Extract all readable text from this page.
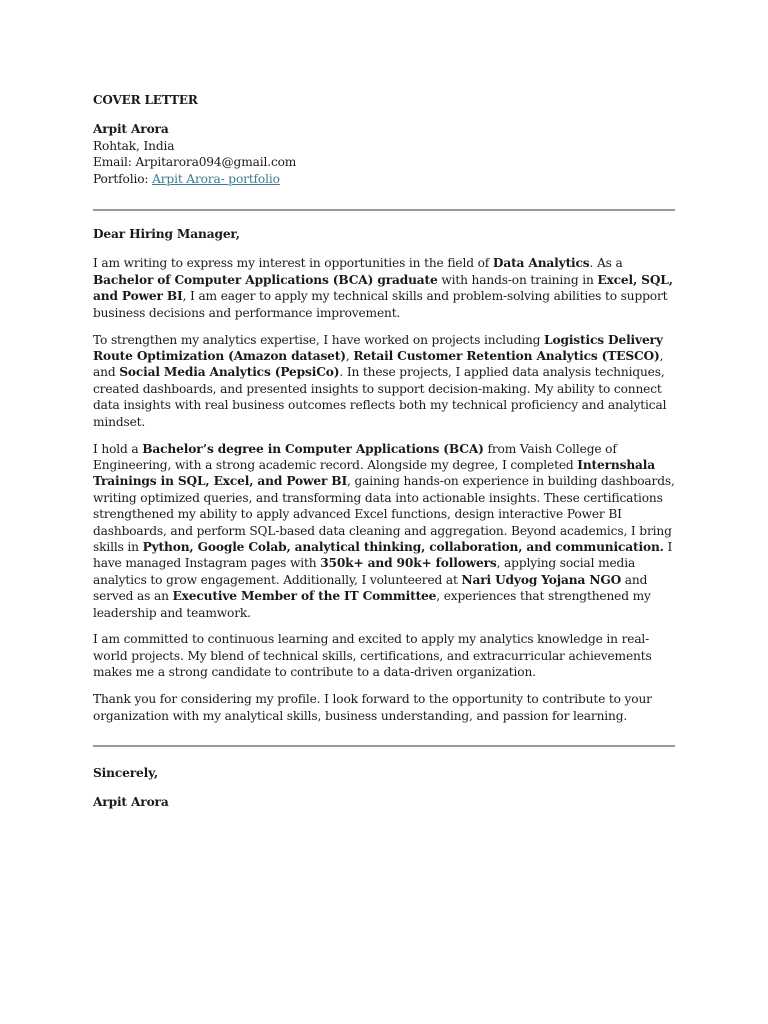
COVER LETTER

Arpit Arora

Rohtak, India

Email: Arpitarora094@gmail.com

Portfolio: Arpit Arora- portfolio

Dear Hiring Manager,

I am writing to express my interest in opportunities in the field of Data Analytics. As a Bachelor of Computer Applications (BCA) graduate with hands-on training in Excel, SQL, and Power BI, I am eager to apply my technical skills and problem-solving abilities to support business decisions and performance improvement.

To strengthen my analytics expertise, I have worked on projects including Logistics Delivery Route Optimization (Amazon dataset), Retail Customer Retention Analytics (TESCO), and Social Media Analytics (PepsiCo). In these projects, I applied data analysis techniques, created dashboards, and presented insights to support decision-making. My ability to connect data insights with real business outcomes reflects both my technical proficiency and analytical mindset.

I hold a Bachelor’s degree in Computer Applications (BCA) from Vaish College of Engineering, with a strong academic record. Alongside my degree, I completed Internshala Trainings in SQL, Excel, and Power BI, gaining hands-on experience in building dashboards, writing optimized queries, and transforming data into actionable insights. These certifications strengthened my ability to apply advanced Excel functions, design interactive Power BI dashboards, and perform SQL-based data cleaning and aggregation. Beyond academics, I bring skills in Python, Google Colab, analytical thinking, collaboration, and communication. I have managed Instagram pages with 350k+ and 90k+ followers, applying social media analytics to grow engagement. Additionally, I volunteered at Nari Udyog Yojana NGO and served as an Executive Member of the IT Committee, experiences that strengthened my leadership and teamwork.

I am committed to continuous learning and excited to apply my analytics knowledge in real-world projects. My blend of technical skills, certifications, and extracurricular achievements makes me a strong candidate to contribute to a data-driven organization.

Thank you for considering my profile. I look forward to the opportunity to contribute to your organization with my analytical skills, business understanding, and passion for learning.

Sincerely,

Arpit Arora
